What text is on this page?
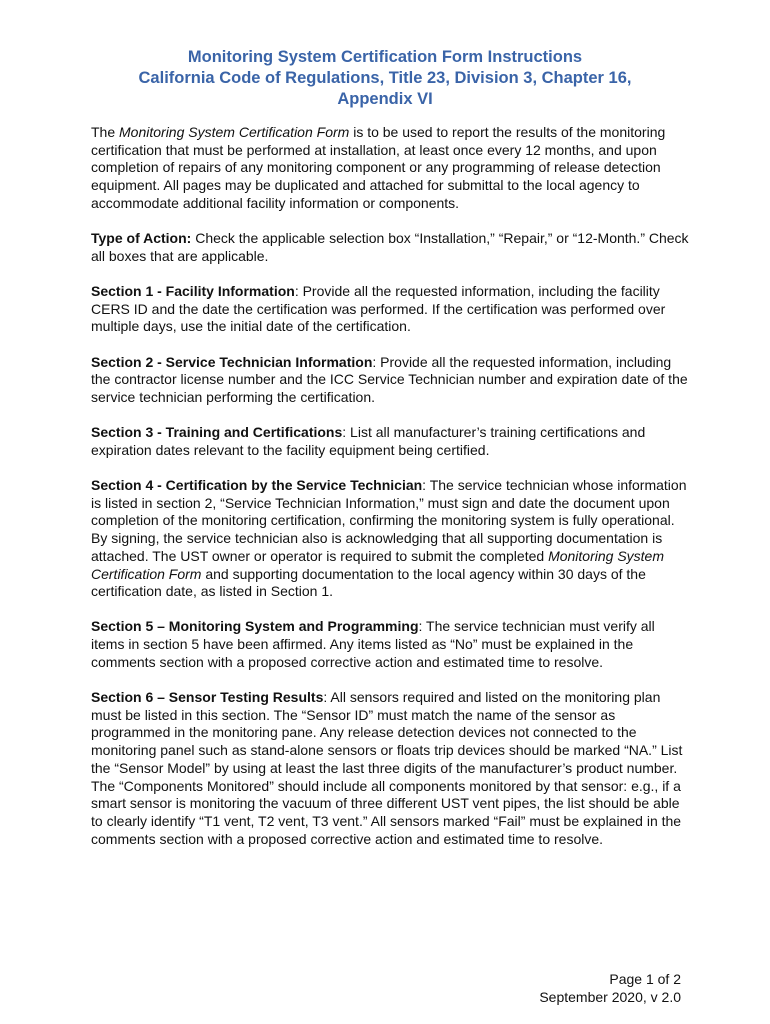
Monitoring System Certification Form Instructions
California Code of Regulations, Title 23, Division 3, Chapter 16,
Appendix VI

The Monitoring System Certification Form is to be used to report the results of the monitoring certification that must be performed at installation, at least once every 12 months, and upon completion of repairs of any monitoring component or any programming of release detection equipment. All pages may be duplicated and attached for submittal to the local agency to accommodate additional facility information or components.

Type of Action: Check the applicable selection box “Installation,” “Repair,” or “12-Month.” Check all boxes that are applicable.

Section 1 - Facility Information: Provide all the requested information, including the facility CERS ID and the date the certification was performed. If the certification was performed over multiple days, use the initial date of the certification.

Section 2 - Service Technician Information: Provide all the requested information, including the contractor license number and the ICC Service Technician number and expiration date of the service technician performing the certification.

Section 3 - Training and Certifications: List all manufacturer’s training certifications and expiration dates relevant to the facility equipment being certified.

Section 4 - Certification by the Service Technician: The service technician whose information is listed in section 2, “Service Technician Information,” must sign and date the document upon completion of the monitoring certification, confirming the monitoring system is fully operational. By signing, the service technician also is acknowledging that all supporting documentation is attached. The UST owner or operator is required to submit the completed Monitoring System Certification Form and supporting documentation to the local agency within 30 days of the certification date, as listed in Section 1.

Section 5 – Monitoring System and Programming: The service technician must verify all items in section 5 have been affirmed. Any items listed as “No” must be explained in the comments section with a proposed corrective action and estimated time to resolve.

Section 6 – Sensor Testing Results: All sensors required and listed on the monitoring plan must be listed in this section. The “Sensor ID” must match the name of the sensor as programmed in the monitoring pane. Any release detection devices not connected to the monitoring panel such as stand-alone sensors or floats trip devices should be marked “NA.” List the “Sensor Model” by using at least the last three digits of the manufacturer’s product number. The “Components Monitored” should include all components monitored by that sensor: e.g., if a smart sensor is monitoring the vacuum of three different UST vent pipes, the list should be able to clearly identify “T1 vent, T2 vent, T3 vent.” All sensors marked “Fail” must be explained in the comments section with a proposed corrective action and estimated time to resolve.

Page 1 of 2
September 2020, v 2.0
